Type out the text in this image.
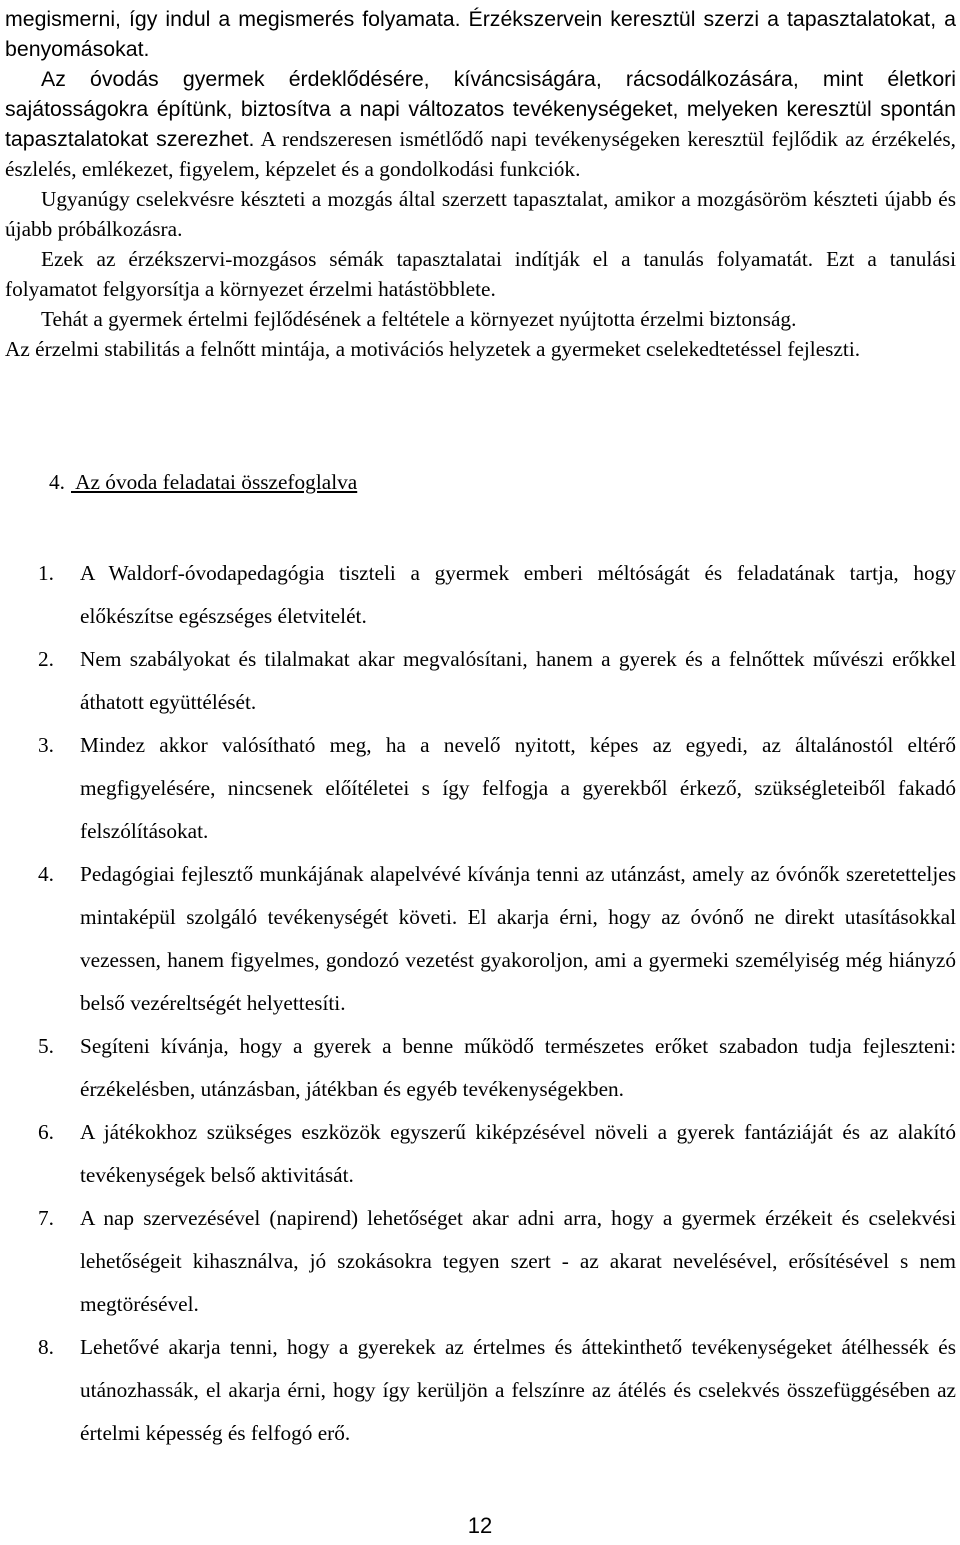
megismerni, így indul a megismerés folyamata. Érzékszervein keresztül szerzi a tapasztalatokat, a benyomásokat.

Az óvodás gyermek érdeklődésére, kíváncsiságára, rácsodálkozására, mint életkori sajátosságokra építünk, biztosítva a napi változatos tevékenységeket, melyeken keresztül spontán tapasztalatokat szerezhet. A rendszeresen ismétlődő napi tevékenységeken keresztül fejlődik az érzékelés, észlelés, emlékezet, figyelem, képzelet és a gondolkodási funkciók.

Ugyanúgy cselekvésre készteti a mozgás által szerzett tapasztalat, amikor a mozgásöröm készteti újabb és újabb próbálkozásra.

Ezek az érzékszervi-mozgásos sémák tapasztalatai indítják el a tanulás folyamatát. Ezt a tanulási folyamatot felgyorsítja a környezet érzelmi hatástöbblete.

Tehát a gyermek értelmi fejlődésének a feltétele a környezet nyújtotta érzelmi biztonság.

Az érzelmi stabilitás a felnőtt mintája, a motivációs helyzetek a gyermeket cselekedtetéssel fejleszti.

4. Az óvoda feladatai összefoglalva
1.	A Waldorf-óvodapedagógia tiszteli a gyermek emberi méltóságát és feladatának tartja, hogy előkészítse egészséges életvitelét.
2.	Nem szabályokat és tilalmakat akar megvalósítani, hanem a gyerek és a felnőttek művészi erőkkel áthatott együttélését.
3.	Mindez akkor valósítható meg, ha a nevelő nyitott, képes az egyedi, az általánostól eltérő megfigyelésére, nincsenek előítéletei s így felfogja a gyerekből érkező, szükségleteiből fakadó felszólításokat.
4.	Pedagógiai fejlesztő munkájának alapelvévé kívánja tenni az utánzást, amely az óvónők szeretetteljes mintaképül szolgáló tevékenységét követi. El akarja érni, hogy az óvónő ne direkt utasításokkal vezessen, hanem figyelmes, gondozó vezetést gyakoroljon, ami a gyermeki személyiség még hiányzó belső vezéreltségét helyettesíti.
5.	Segíteni kívánja, hogy a gyerek a benne működő természetes erőket szabadon tudja fejleszteni: érzékelésben, utánzásban, játékban és egyéb tevékenységekben.
6.	A játékokhoz szükséges eszközök egyszerű kiképzésével növeli a gyerek fantáziáját és az alakító tevékenységek belső aktivitását.
7.	A nap szervezésével (napirend) lehetőséget akar adni arra, hogy a gyermek érzékeit és cselekvési lehetőségeit kihasználva, jó szokásokra tegyen szert - az akarat nevelésével, erősítésével s nem megtörésével.
8.	Lehetővé akarja tenni, hogy a gyerekek az értelmes és áttekinthető tevékenységeket átélhessék és utánozhassák, el akarja érni, hogy így kerüljön a felszínre az átélés és cselekvés összefüggésében az értelmi képesség és felfogó erő.
12
